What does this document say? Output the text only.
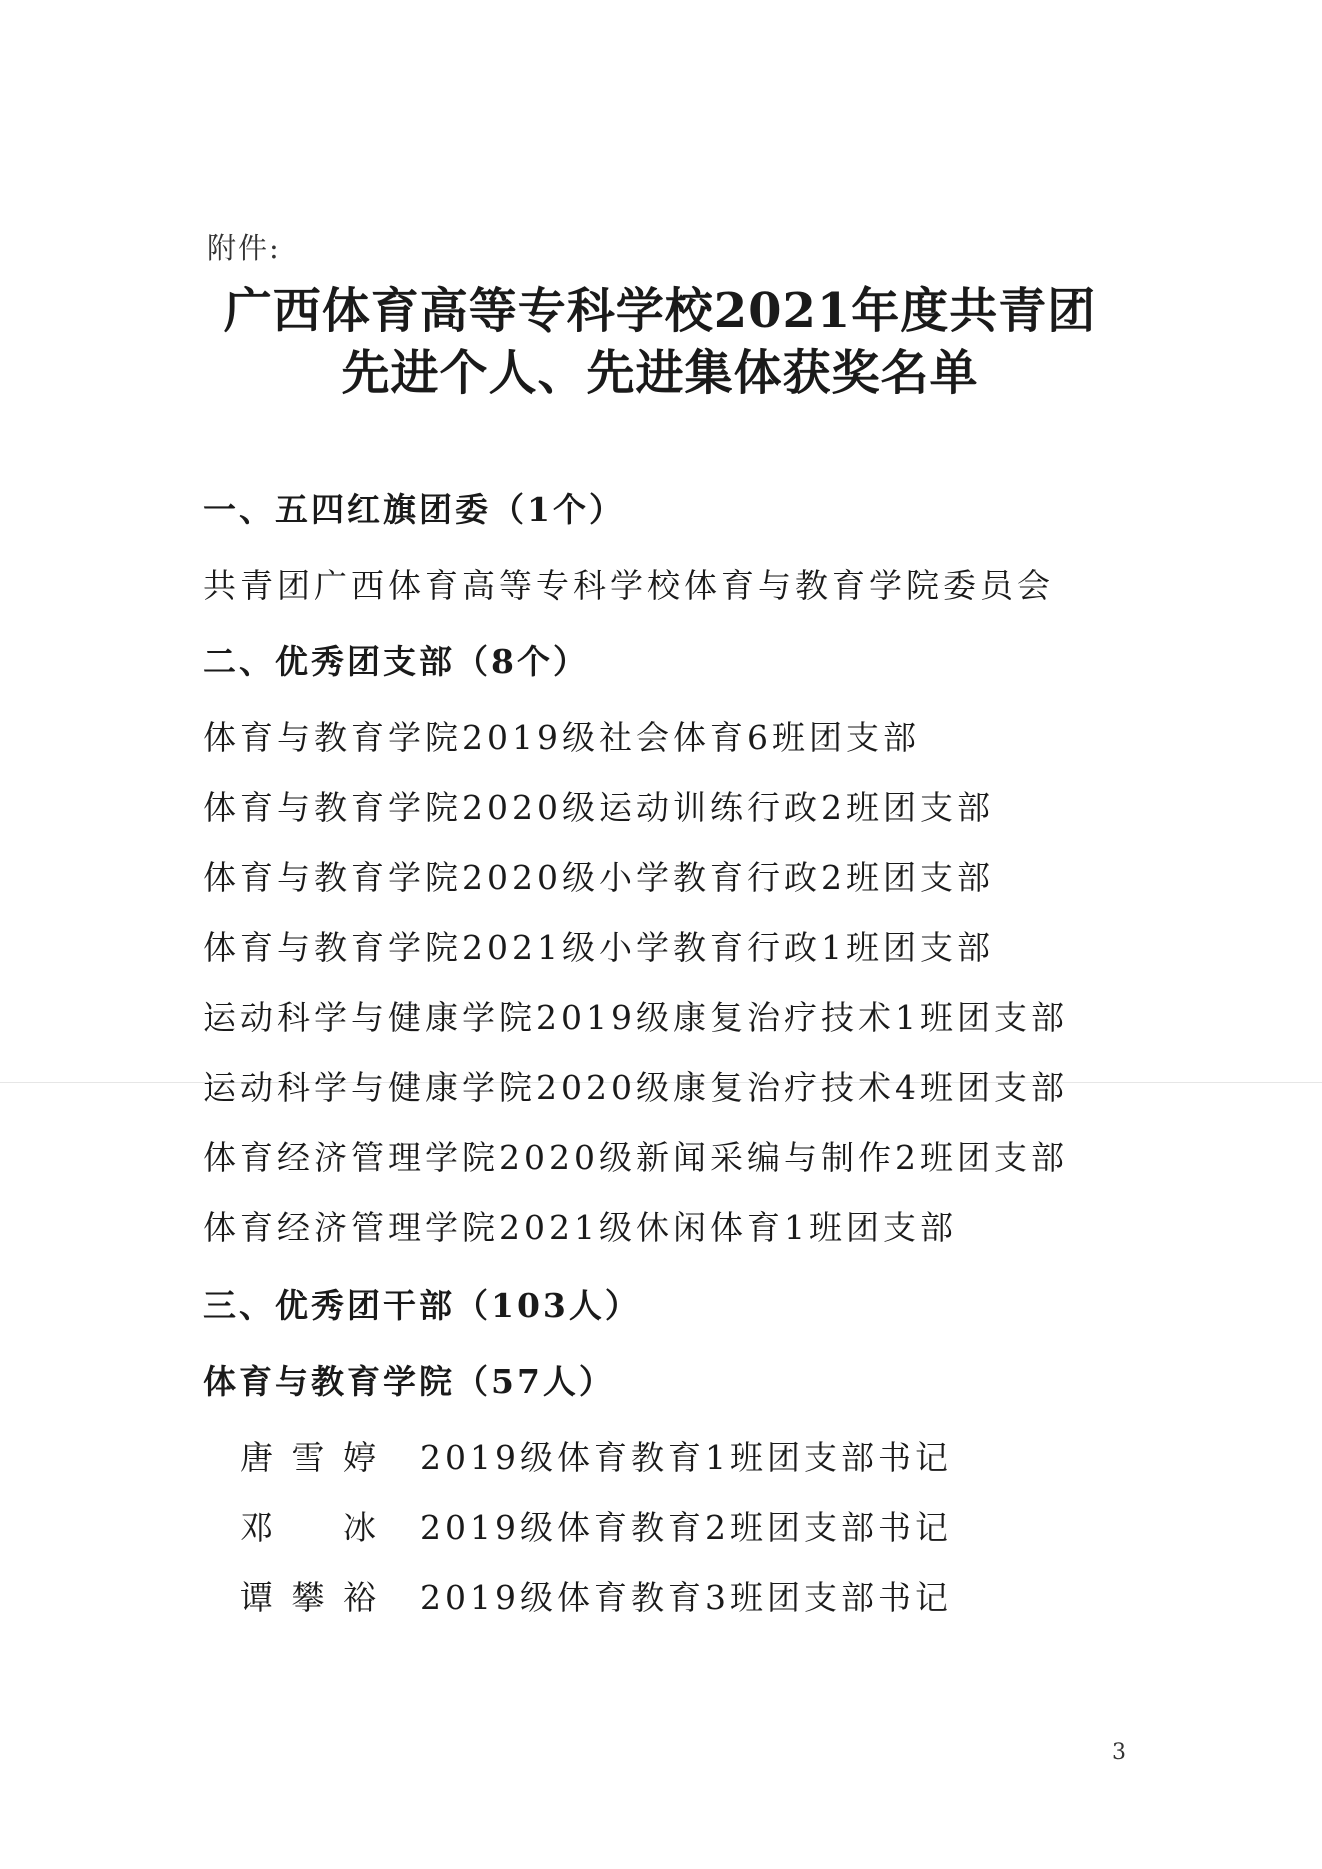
附件:
广西体育高等专科学校2021年度共青团
先进个人、先进集体获奖名单
一、五四红旗团委（1个）
共青团广西体育高等专科学校体育与教育学院委员会
二、优秀团支部（8个）
体育与教育学院2019级社会体育6班团支部
体育与教育学院2020级运动训练行政2班团支部
体育与教育学院2020级小学教育行政2班团支部
体育与教育学院2021级小学教育行政1班团支部
运动科学与健康学院2019级康复治疗技术1班团支部
运动科学与健康学院2020级康复治疗技术4班团支部
体育经济管理学院2020级新闻采编与制作2班团支部
体育经济管理学院2021级休闲体育1班团支部
三、优秀团干部（103人）
体育与教育学院（57人）
唐雪婷 2019级体育教育1班团支部书记
邓冰 2019级体育教育2班团支部书记
谭攀裕 2019级体育教育3班团支部书记
3
